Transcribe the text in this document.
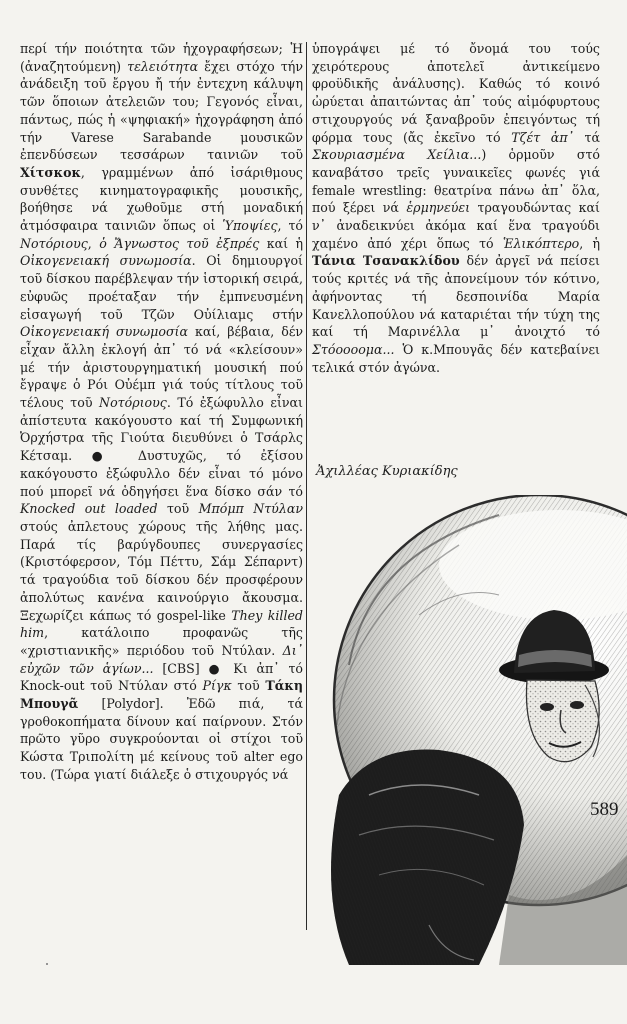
περί τήν ποιότητα τῶν ἡχογραφήσεων; Ἡ (ἀναζητούμενη) τελειότητα ἔχει στόχο τήν ἀνάδειξη τοῦ ἔργου ἤ τήν ἐντεχνη κάλυψη τῶν ὅποιων ἀτελειῶν του; Γεγονός εἶναι, πάντως, πώς ἡ «ψηφιακή» ἡχογράφηση ἀπό τήν Varese Sarabande μουσικῶν ἐπενδύσεων τεσσάρων ταινιῶν τοῦ Χίτσκοκ, γραμμένων ἀπό ἰσάριθμους συνθέτες κινηματογραφικῆς μουσικῆς, βοήθησε νά χωθοῦμε στή μοναδική ἀτμόσφαιρα ταινιῶν ὅπως οἱ Ὑποψίες, τό Νοτόριους, ὁ Ἄγνωστος τοῦ ἐξπρές καί ἡ Οἰκογενειακή συνωμοσία. Οἱ δημιουργοί τοῦ δίσκου παρέβλεψαν τήν ἱστορική σειρά, εὐφυῶς προέταξαν τήν ἐμπνευσμένη εἰσαγωγή τοῦ Τζῶν Οὐίλιαμς στήν Οἰκογενειακή συνωμοσία καί, βέβαια, δέν εἶχαν ἄλλη ἐκλογή ἀπ᾿ τό νά «κλείσουν» μέ τήν ἀριστουργηματική μουσική πού ἔγραψε ὁ Ρόι Οὐέμπ γιά τούς τίτλους τοῦ τέλους τοῦ Νοτόριους. Τό ἐξώφυλλο εἶναι ἀπίστευτα κακόγουστο καί τή Συμφωνική Ὀρχήστρα τῆς Γιούτα διευθύνει ὁ Τσάρλς Κέτσαμ. ● Δυστυχῶς, τό ἐξίσου κακόγουστο ἐξώφυλλο δέν εἶναι τό μόνο πού μπορεῖ νά ὁδηγήσει ἕνα δίσκο σάν τό Knocked out loaded τοῦ Μπόμπ Ντύλαν στούς ἀπλετους χώρους τῆς λήθης μας. Παρά τίς βαρύγδουπες συνεργασίες (Κριστόφερσον, Τόμ Πέττυ, Σάμ Σέπαρντ) τά τραγούδια τοῦ δίσκου δέν προσφέρουν ἀπολύτως κανένα καινούργιο ἄκουσμα. Ξεχωρίζει κάπως τό gospel-like They killed him, κατάλοιπο προφανῶς τῆς «χριστιανικῆς» περιόδου τοῦ Ντύλαν. Δι᾿ εὐχῶν τῶν ἁγίων... [CBS] ● Κι ἀπ᾿ τό Knock-out τοῦ Ντύλαν στό Ρίγκ τοῦ Τάκη Μπουγᾶ [Polydor]. Ἐδῶ πιά, τά γροθοκοπήματα δίνουν καί παίρνουν. Στόν πρῶτο γῦρο συγκρούονται οἱ στίχοι τοῦ Κώστα Τριπολίτη μέ κείνους τοῦ alter ego του. (Τώρα γιατί διάλεξε ὁ στιχουργός νά

ὑπογράψει μέ τό ὄνομά του τούς χειρότερους ἀποτελεῖ ἀντικείμενο φροϋδικῆς ἀνάλυσης). Καθώς τό κοινό ὠρύεται ἀπαιτώντας ἀπ᾿ τούς αἱμόφυρτους στιχουργούς νά ξαναβροῦν ἐπειγόντως τή φόρμα τους (ἄς ἐκεῖνο τό Τζέτ ἀπ᾿ τά Σκουριασμένα Χείλια...) ὁρμοῦν στό καναβάτσο τρεῖς γυναικεῖες φωνές γιά female wrestling: θεατρίνα πάνω ἀπ᾿ ὅλα, πού ξέρει νά ἑρμηνεύει τραγουδώντας καί ν᾿ ἀναδεικνύει ἀκόμα καί ἕνα τραγούδι χαμένο ἀπό χέρι ὅπως τό Ἑλικόπτερο, ἡ Τάνια Τσανακλίδου δέν ἀργεῖ νά πείσει τούς κριτές νά τῆς ἀπονείμουν τόν κότινο, ἀφήνοντας τή δεσποινίδα Μαρία Κανελλοπούλου νά καταριέται τήν τύχη της καί τή Μαρινέλλα μ᾿ ἀνοιχτό τό Στόοοοομα... Ὁ κ.Μπουγᾶς δέν κατεβαίνει τελικά στόν ἀγώνα.

Ἀχιλλέας Κυριακίδης
589
